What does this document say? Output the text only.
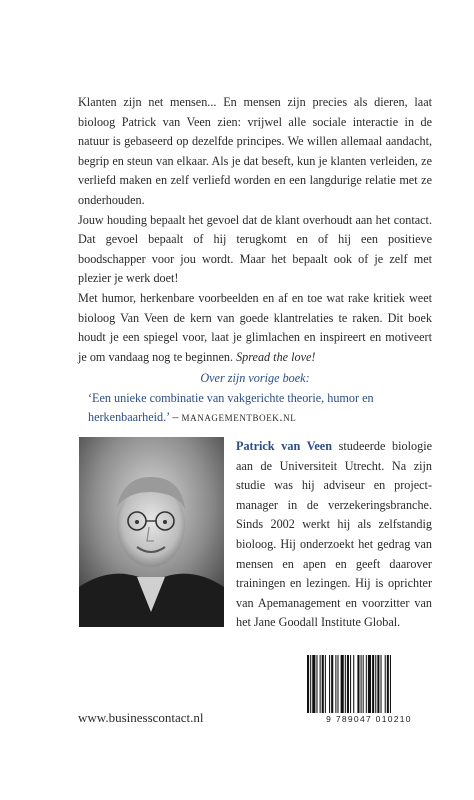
Klanten zijn net mensen... En mensen zijn precies als dieren, laat bioloog Patrick van Veen zien: vrijwel alle sociale interactie in de natuur is gebaseerd op dezelfde principes. We willen allemaal aandacht, begrip en steun van elkaar. Als je dat beseft, kun je klanten verleiden, ze verliefd maken en zelf verliefd worden en een langdurige relatie met ze onderhouden.

Jouw houding bepaalt het gevoel dat de klant overhoudt aan het contact. Dat gevoel bepaalt of hij terugkomt en of hij een positieve boodschapper voor jou wordt. Maar het bepaalt ook of je zelf met plezier je werk doet!

Met humor, herkenbare voorbeelden en af en toe wat rake kritiek weet bioloog Van Veen de kern van goede klantrelaties te raken. Dit boek houdt je een spiegel voor, laat je glimlachen en inspireert en motiveert je om vandaag nog te beginnen. Spread the love!

Over zijn vorige boek:

‘Een unieke combinatie van vakgerichte theorie, humor en herkenbaarheid.’ – managementboek.nl

Patrick van Veen studeerde biologie aan de Universiteit Utrecht. Na zijn studie was hij adviseur en projectmanager in de verzekeringsbranche. Sinds 2002 werkt hij als zelfstandig bioloog. Hij onderzoekt het gedrag van mensen en apen en geeft daarover trainingen en lezingen. Hij is oprichter van Apemanagement en voorzitter van het Jane Goodall Institute Global.
9 789047 010210
www.businesscontact.nl
